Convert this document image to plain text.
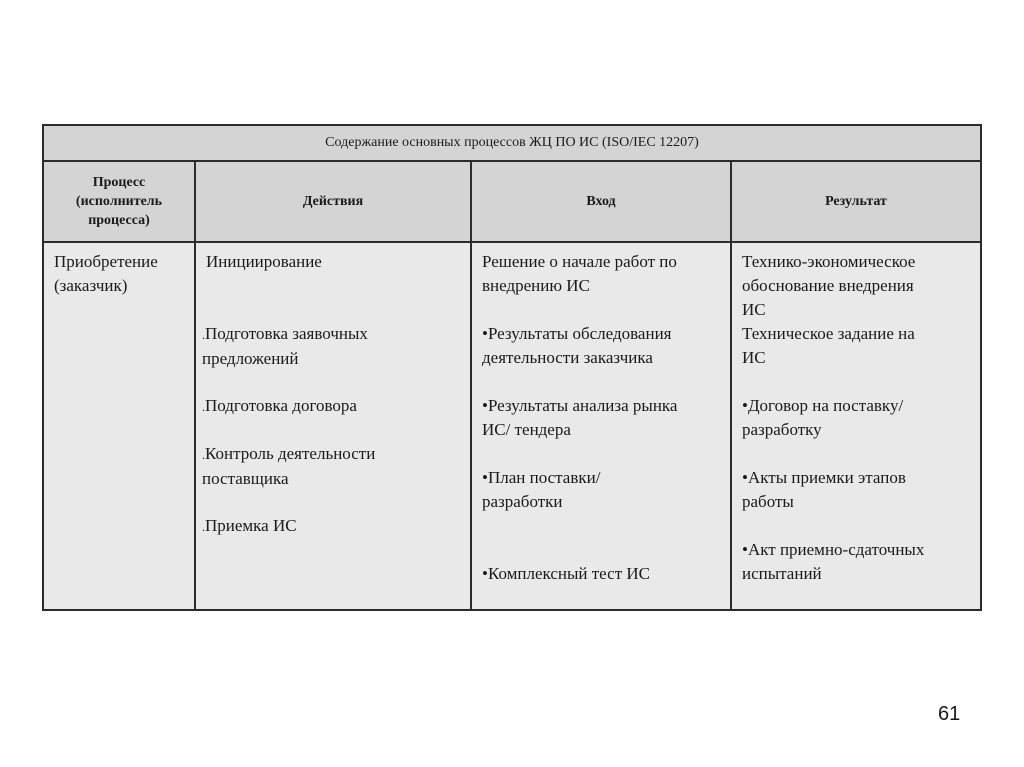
Содержание основных процессов ЖЦ ПО ИС (ISO/IEC 12207)
Процесс
(исполнитель
процесса)
Действия	Вход	Результат
Приобретение
(заказчик)
Инициирование
. Подготовка заявочных
предложений
. Подготовка договора
. Контроль деятельности
поставщика
. Приемка ИС
Решение о начале работ по
внедрению ИС
• Результаты обследования
деятельности заказчика
• Результаты анализа рынка
ИС/ тендера
• План поставки/
разработки
• Комплексный тест ИС
Технико-экономическое
обоснование внедрения
ИС
Техническое задание на
ИС
• Договор на поставку/
разработку
• Акты приемки этапов
работы
• Акт приемно-сдаточных
испытаний
61
